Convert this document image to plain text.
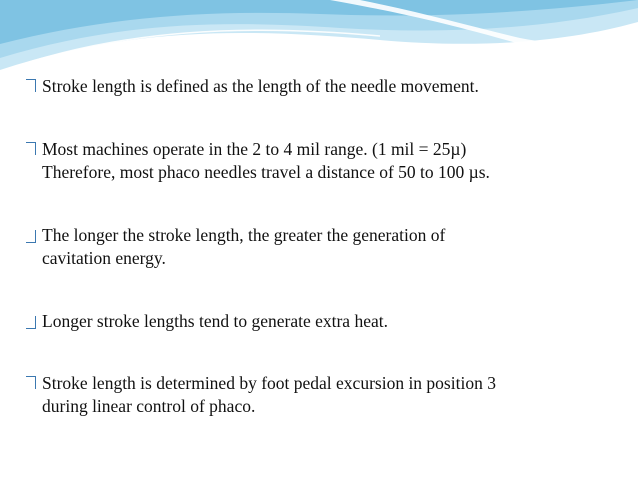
Stroke length is defined as the length of the needle movement.
Most machines operate in the 2 to 4 mil range. (1 mil = 25µ)
Therefore, most phaco needles travel a distance of 50 to 100 µs.
The longer the stroke length, the greater the generation of
cavitation energy.
Longer stroke lengths tend to generate extra heat.
Stroke length is determined by foot pedal excursion in position 3
during linear control of phaco.
